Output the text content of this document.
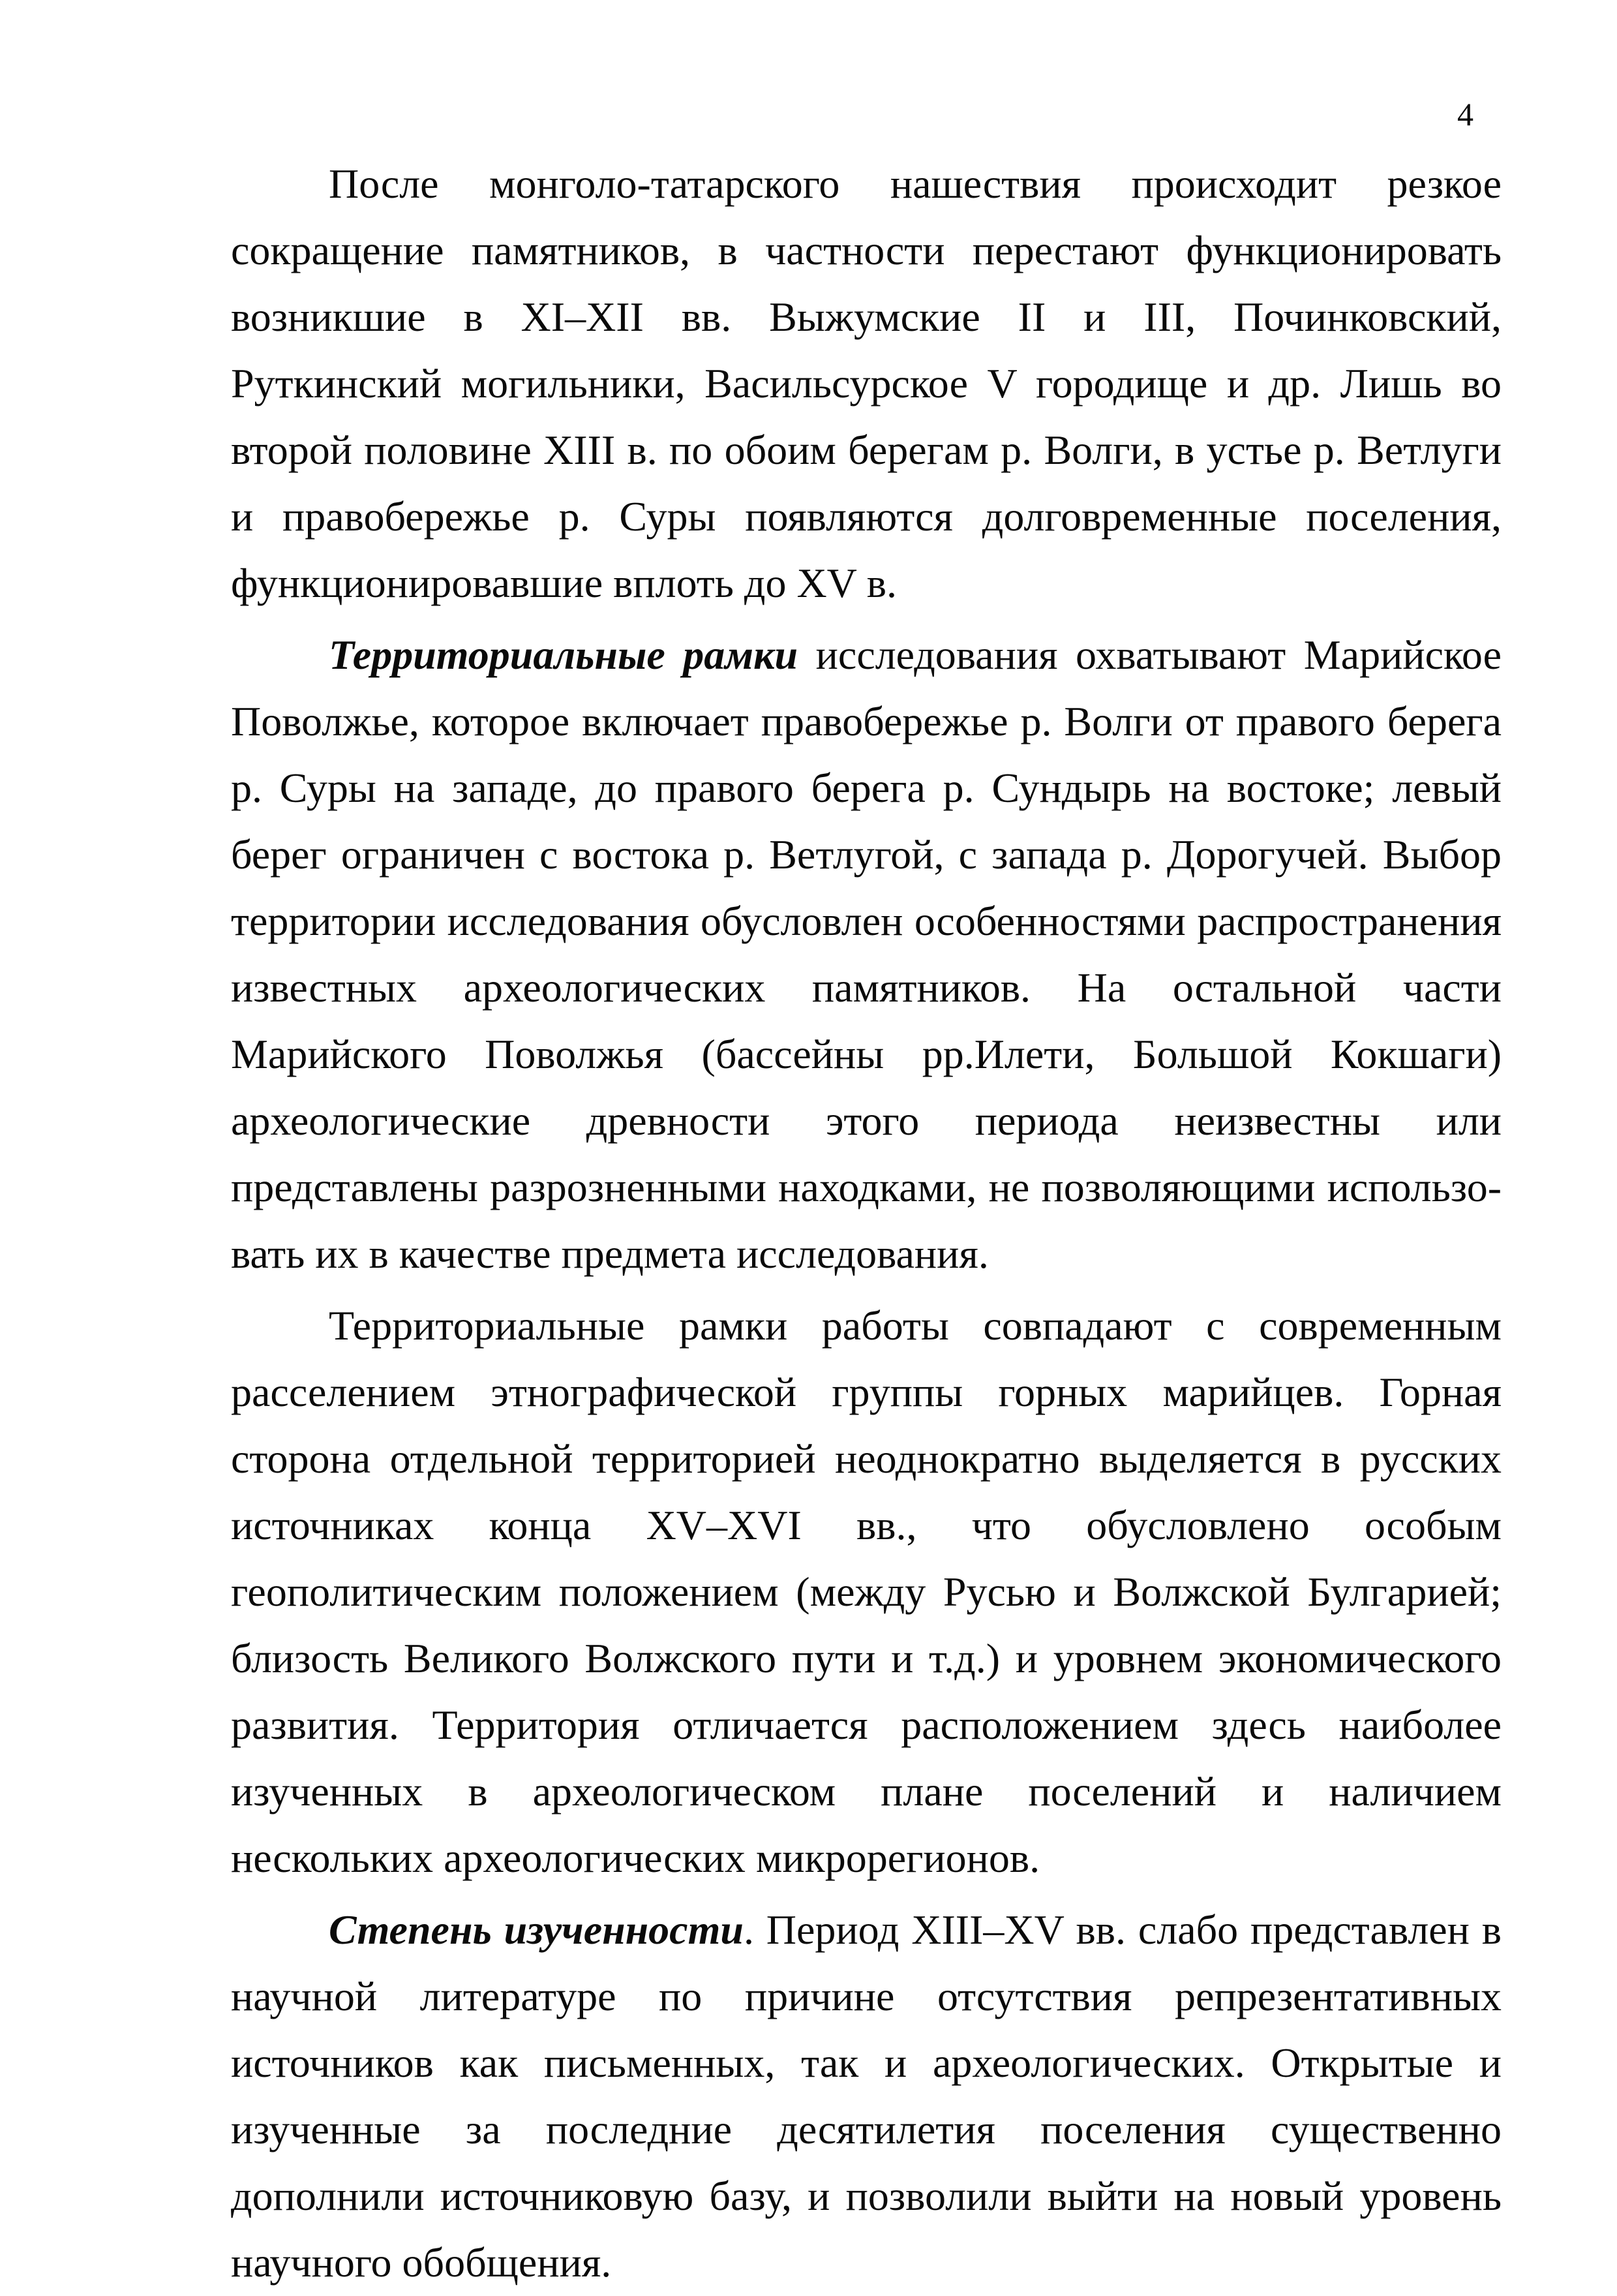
4

После монголо-татарского нашествия происходит резкое сокращение памятников, в частности перестают функционировать возникшие в XI–XII вв. Выжумские II и III, Починковский, Руткинский могильники, Васильсурское V городище и др. Лишь во второй половине XIII в. по обоим берегам р. Волги, в устье р. Ветлуги и правобережье р. Суры появляются долговременные поселения, функционировавшие вплоть до XV в.

Территориальные рамки исследования охватывают Марийское Поволжье, которое включает правобережье р. Волги от правого берега р. Суры на западе, до правого берега р. Сундырь на востоке; левый берег ограничен с востока р. Ветлугой, с запада р. Дорогучей. Выбор территории исследования обусловлен особенностями распространения известных археологических памятников. На остальной части Марийского Поволжья (бассейны рр.Илети, Большой Кокшаги) археологические древности этого периода неизвестны или представлены разрозненными находками, не позволяющими использовать их в качестве предмета исследования.

Территориальные рамки работы совпадают с современным расселением этнографической группы горных марийцев. Горная сторона отдельной территорией неоднократно выделяется в русских источниках конца XV–XVI вв., что обусловлено особым геополитическим положением (между Русью и Волжской Булгарией; близость Великого Волжского пути и т.д.) и уровнем экономического развития. Территория отличается расположением здесь наиболее изученных в археологическом плане поселений и наличием нескольких археологических микрорегионов.

Степень изученности. Период XIII–XV вв. слабо представлен в научной литературе по причине отсутствия репрезентативных источников как письменных, так и археологических. Открытые и изученные за последние десятилетия поселения существенно дополнили источниковую базу, и позволили выйти на новый уровень научного обобщения.
